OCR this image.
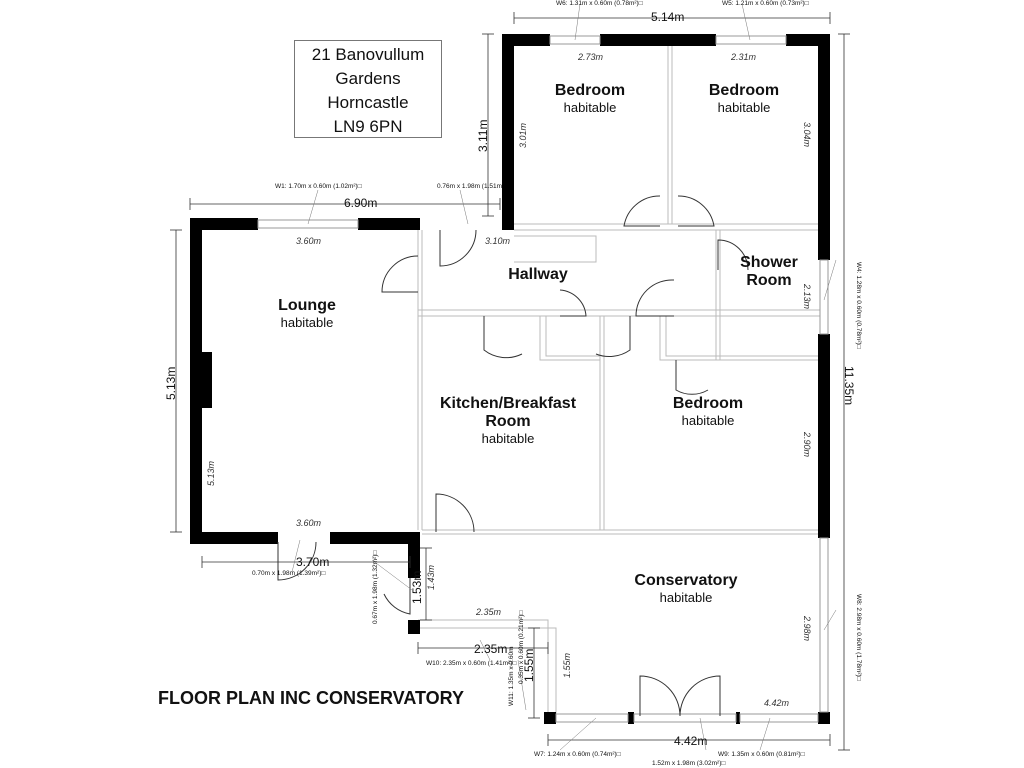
21 Banovullum
Gardens
Horncastle
LN9 6PN
Bedroom
habitable
Bedroom
habitable
Shower
Room
Hallway
Lounge
habitable
Kitchen/Breakfast
Room
habitable
Bedroom
habitable
Conservatory
habitable
FLOOR PLAN INC CONSERVATORY
5.14m
6.90m
3.11m
5.13m	11.35m
3.70m
1.53m
2.35m 1.55m
4.42m
2.73m	2.31m
3.01m	3.04m
3.60m	3.10m
2.13m
5.13m
2.90m
3.60m
1.43m
2.35m
2.98m
1.55m
4.42m
W6: 1.31m x 0.60m (0.78m²)□	W5: 1.21m x 0.60m (0.73m²)□
W1: 1.70m x 0.60m (1.02m²)□	0.76m x 1.98m (1.51m
W4: 1.28m x 0.60m (0.78m²)□
0.70m x 1.98m (1.39m²)□	0.67m x 1.98m (1.32m²)□
W10: 2.35m x 0.60m (1.41m²)□ 0.35m x 0.60m (0.21m²)□
W11: 1.35m x 0.60m	W8: 2.98m x 0.60m (1.78m²)□
W7: 1.24m x 0.60m (0.74m²)□	W9: 1.35m x 0.60m (0.81m²)□
1.52m x 1.98m (3.02m²)□
